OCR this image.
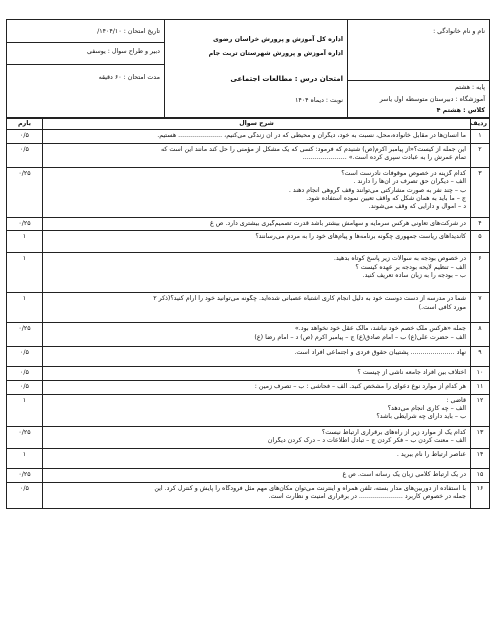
نام و نام خانوادگی :
پایه : هشتم
آموزشگاه : دبیرستان متوسطه اول یاسر
کلاس : هشتم ۴
اداره کل آموزش و پرورش خراسان رضوی
اداره آموزش و پرورش شهرستان تربت جام
امتحان درس : مطالعات اجتماعی
نوبت : دیماه ۱۴۰۴
تاریخ امتحان : ۱۴۰۴/۱۰/
دبیر و طراح سوال : یوسفی
مدت امتحان : ۶۰ دقیقه
ردیف	شرح سوال	بارم
۱	ما انسان‌ها در مقابل خانواده،محل، نسبت به خود، دیگران و محیطی که در آن زندگی می‌کنیم، ...................... هستیم.	۰/۵
۲	این جمله از کیست؟«از پیامبر اکرم(ص) شنیدم که فرمود: کسی که یک مشکل از مؤمنی را حل کند مانند این است که
تمام عمرش را به عبادت سپری کرده است.» ......................	۰/۵
۳	کدام گزینه در خصوص موقوفات نادرست است؟
الف – دیگران حق تصرف در آن‌ها را دارند .
ب – چند نفر به صورت مشارکتی می‌توانند وقف گروهی انجام دهند .
ج – ما باید به همان شکل که واقف تعیین نموده استفاده شود.
د – اموال و دارایی که وقف می‌شوند.	۰/۲۵
۴	در شرکت‌های تعاونی هرکس سرمایه و سهامش بیشتر باشد قدرت تصمیم‌گیری بیشتری دارد. ص غ	۰/۲۵
۵	کاندیداهای ریاست جمهوری چگونه برنامه‌ها و پیام‌های خود را به مردم می‌رسانند؟	۱
۶	در خصوص بودجه به سوالات زیر پاسخ کوتاه بدهید.
الف – تنظیم لایحه بودجه بر عهده کیست ؟
ب – بودجه را به زبان ساده تعریف کنید.	۱
۷	شما در مدرسه از دست دوست خود به دلیل انجام کاری اشتباه عصبانی شده‌اید. چگونه می‌توانید خود را آرام کنید؟(ذکر ۲
مورد کافی است.)	۱
۸	جمله «هرکس ملک خصم خود نباشد، مالک عقل خود نخواهد بود.»
الف – حضرت علی(ع) ب – امام صادق(ع) ج – پیامبر اکرم (ص) د – امام رضا (ع)	۰/۲۵
۹	نهاد ...................... پشتیبان حقوق فردی و اجتماعی افراد است.	۰/۵
۱۰	اختلاف بین افراد جامعه ناشی از چیست ؟	۰/۵
۱۱	هر کدام از موارد نوع دعوای را مشخص کنید. الف – فحاشی : ب – تصرف زمین :	۰/۵
۱۲	قاضی :
الف – چه کاری انجام می‌دهد؟
ب – باید دارای چه شرایطی باشد؟	۱
۱۳	کدام یک از موارد زیر از راه‌های برقراری ارتباط نیست؟
الف – معنت کردن ب – فکر کردن ج – تبادل اطلاعات د – درک کردن دیگران	۰/۲۵
۱۴	عناصر ارتباط را نام ببرید .	۱
۱۵	در یک ارتباط کلامی زبان یک رسانه است. ص غ	۰/۲۵
۱۶	با استفاده از دوربین‌های مدار بسته، تلفن همراه و اینترنت می‌توان مکان‌های مهم مثل فرودگاه را پایش و کنترل کرد. این
جمله در خصوص کاربرد ...................... در برقراری امنیت و نظارت است.	۰/۵
